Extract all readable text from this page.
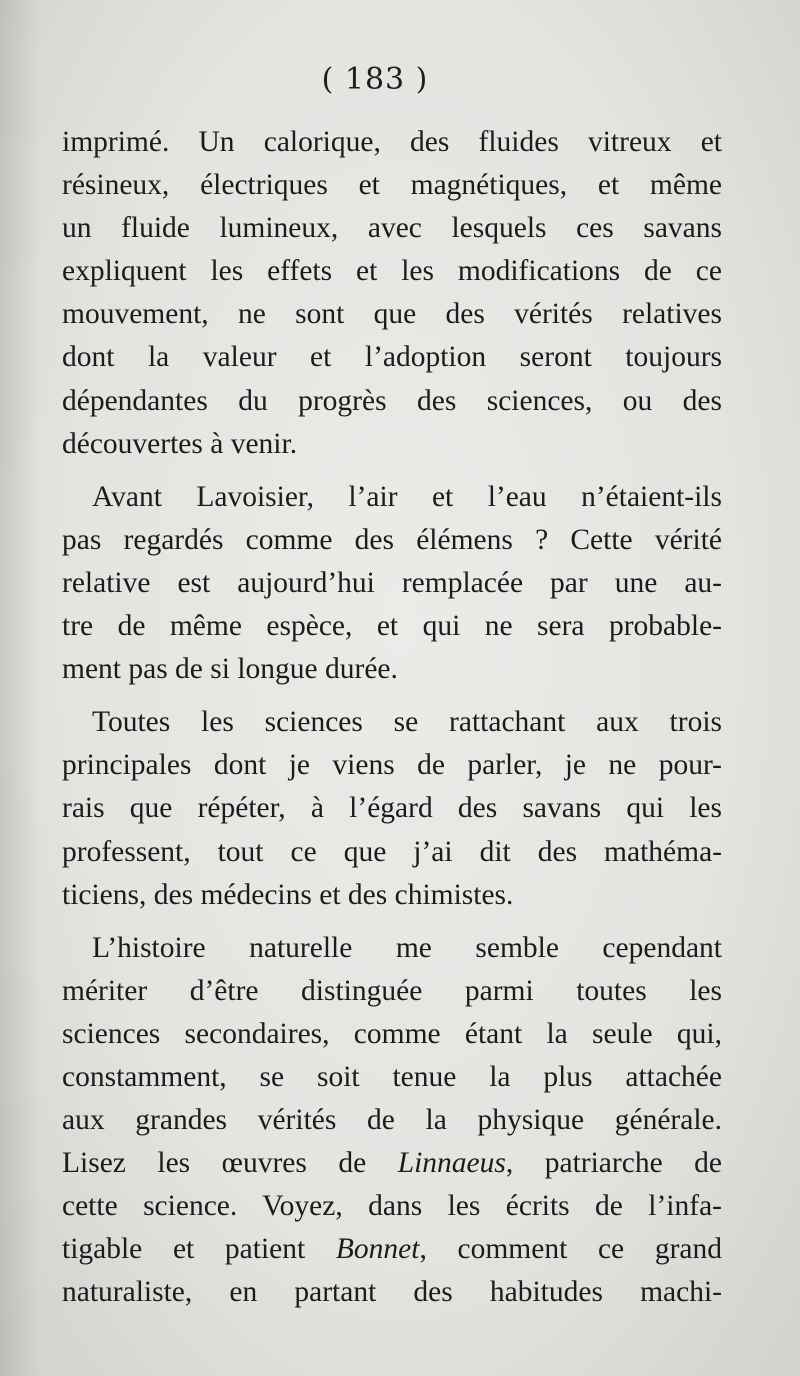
( 183 )
imprimé. Un calorique, des fluides vitreux et
résineux, électriques et magnétiques, et même
un fluide lumineux, avec lesquels ces savans
expliquent les effets et les modifications de ce
mouvement, ne sont que des vérités relatives
dont la valeur et l’adoption seront toujours
dépendantes du progrès des sciences, ou des
découvertes à venir.
Avant Lavoisier, l’air et l’eau n’étaient-ils
pas regardés comme des élémens ? Cette vérité
relative est aujourd’hui remplacée par une au-
tre de même espèce, et qui ne sera probable-
ment pas de si longue durée.
Toutes les sciences se rattachant aux trois
principales dont je viens de parler, je ne pour-
rais que répéter, à l’égard des savans qui les
professent, tout ce que j’ai dit des mathéma-
ticiens, des médecins et des chimistes.
L’histoire naturelle me semble cependant
mériter d’être distinguée parmi toutes les
sciences secondaires, comme étant la seule qui,
constamment, se soit tenue la plus attachée
aux grandes vérités de la physique générale.
Lisez les œuvres de Linnaeus, patriarche de
cette science. Voyez, dans les écrits de l’infa-
tigable et patient Bonnet, comment ce grand
naturaliste, en partant des habitudes machi-
